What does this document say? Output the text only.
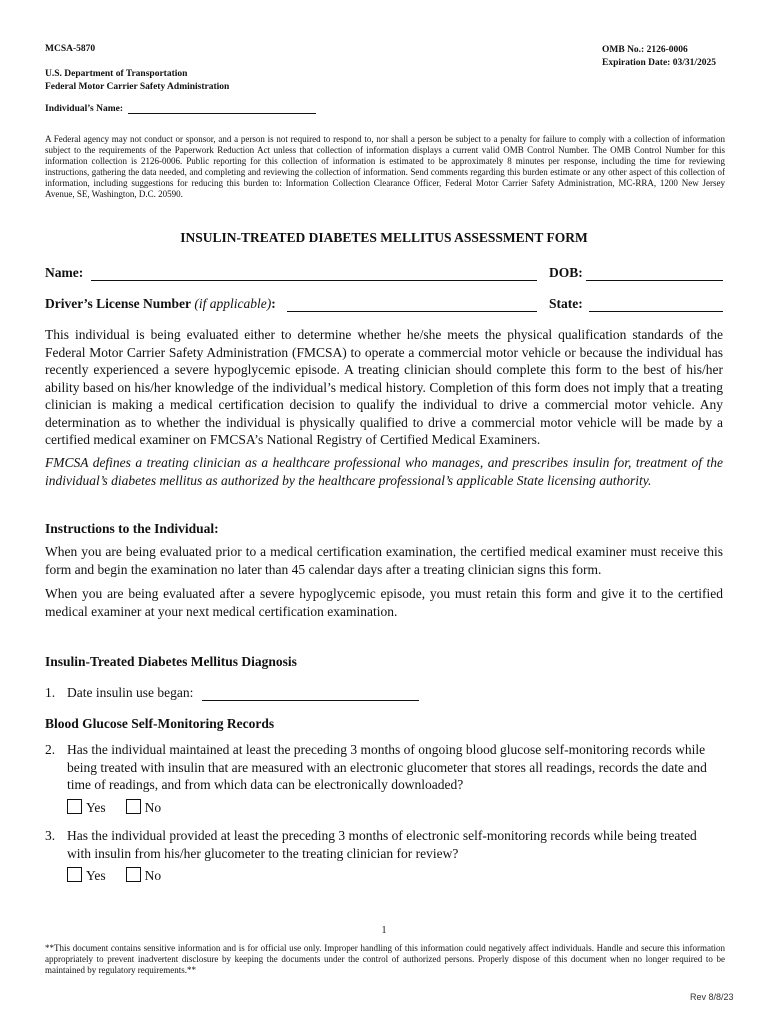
MCSA-5870	OMB No.: 2126-0006
Expiration Date: 03/31/2025
U.S. Department of Transportation
Federal Motor Carrier Safety Administration
Individual’s Name:
A Federal agency may not conduct or sponsor, and a person is not required to respond to, nor shall a person be subject to a penalty for failure to comply with a collection of information subject to the requirements of the Paperwork Reduction Act unless that collection of information displays a current valid OMB Control Number. The OMB Control Number for this information collection is 2126-0006. Public reporting for this collection of information is estimated to be approximately 8 minutes per response, including the time for reviewing instructions, gathering the data needed, and completing and reviewing the collection of information. Send comments regarding this burden estimate or any other aspect of this collection of information, including suggestions for reducing this burden to: Information Collection Clearance Officer, Federal Motor Carrier Safety Administration, MC-RRA, 1200 New Jersey Avenue, SE, Washington, D.C. 20590.
INSULIN-TREATED DIABETES MELLITUS ASSESSMENT FORM
Name:	DOB:
Driver’s License Number (if applicable):	State:
This individual is being evaluated either to determine whether he/she meets the physical qualification standards of the Federal Motor Carrier Safety Administration (FMCSA) to operate a commercial motor vehicle or because the individual has recently experienced a severe hypoglycemic episode. A treating clinician should complete this form to the best of his/her ability based on his/her knowledge of the individual’s medical history. Completion of this form does not imply that a treating clinician is making a medical certification decision to qualify the individual to drive a commercial motor vehicle. Any determination as to whether the individual is physically qualified to drive a commercial motor vehicle will be made by a certified medical examiner on FMCSA’s National Registry of Certified Medical Examiners.
FMCSA defines a treating clinician as a healthcare professional who manages, and prescribes insulin for, treatment of the individual’s diabetes mellitus as authorized by the healthcare professional’s applicable State licensing authority.
Instructions to the Individual:
When you are being evaluated prior to a medical certification examination, the certified medical examiner must receive this form and begin the examination no later than 45 calendar days after a treating clinician signs this form.
When you are being evaluated after a severe hypoglycemic episode, you must retain this form and give it to the certified medical examiner at your next medical certification examination.
Insulin-Treated Diabetes Mellitus Diagnosis
1. Date insulin use began:
Blood Glucose Self-Monitoring Records
2. Has the individual maintained at least the preceding 3 months of ongoing blood glucose self-monitoring records while being treated with insulin that are measured with an electronic glucometer that stores all readings, records the date and time of readings, and from which data can be electronically downloaded?
Yes	No
3. Has the individual provided at least the preceding 3 months of electronic self-monitoring records while being treated with insulin from his/her glucometer to the treating clinician for review?
Yes	No
1
**This document contains sensitive information and is for official use only. Improper handling of this information could negatively affect individuals. Handle and secure this information appropriately to prevent inadvertent disclosure by keeping the documents under the control of authorized persons. Properly dispose of this document when no longer required to be maintained by regulatory requirements.**
Rev 8/8/23
